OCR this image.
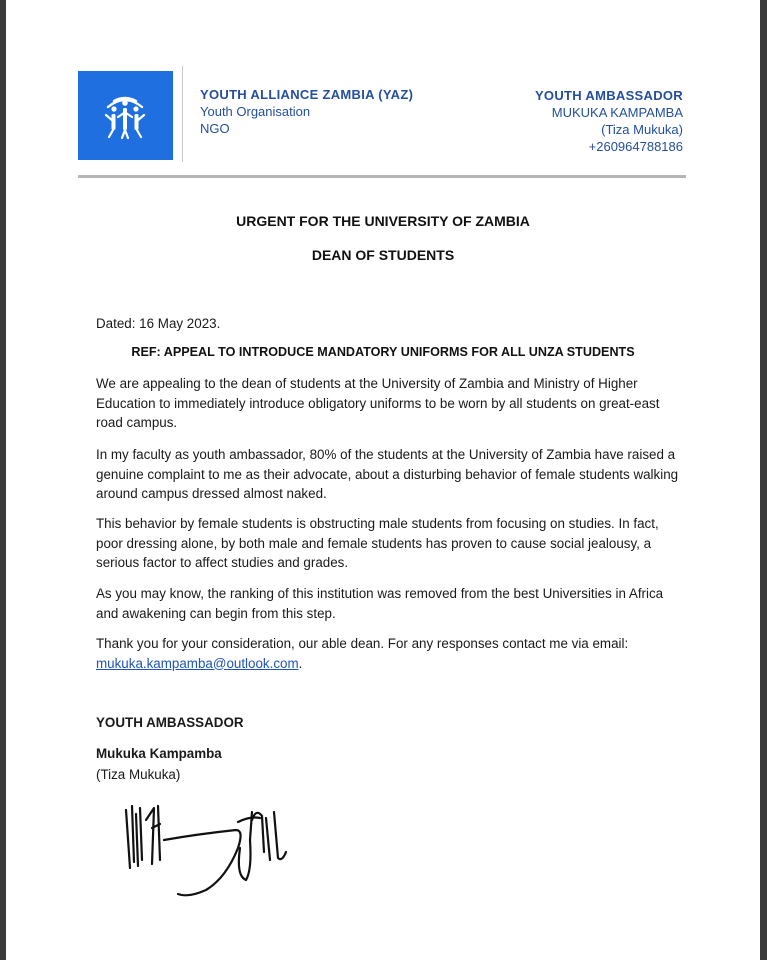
YOUTH ALLIANCE ZAMBIA (YAZ)
Youth Organisation
NGO
YOUTH AMBASSADOR
MUKUKA KAMPAMBA
(Tiza Mukuka)
+260964788186
URGENT FOR THE UNIVERSITY OF ZAMBIA
DEAN OF STUDENTS
Dated: 16 May 2023.
REF: APPEAL TO INTRODUCE MANDATORY UNIFORMS FOR ALL UNZA STUDENTS

We are appealing to the dean of students at the University of Zambia and Ministry of Higher Education to immediately introduce obligatory uniforms to be worn by all students on great-east road campus.

In my faculty as youth ambassador, 80% of the students at the University of Zambia have raised a genuine complaint to me as their advocate, about a disturbing behavior of female students walking around campus dressed almost naked.

This behavior by female students is obstructing male students from focusing on studies. In fact, poor dressing alone, by both male and female students has proven to cause social jealousy, a serious factor to affect studies and grades.

As you may know, the ranking of this institution was removed from the best Universities in Africa and awakening can begin from this step.

Thank you for your consideration, our able dean. For any responses contact me via email:
mukuka.kampamba@outlook.com.

YOUTH AMBASSADOR
Mukuka Kampamba
(Tiza Mukuka)
